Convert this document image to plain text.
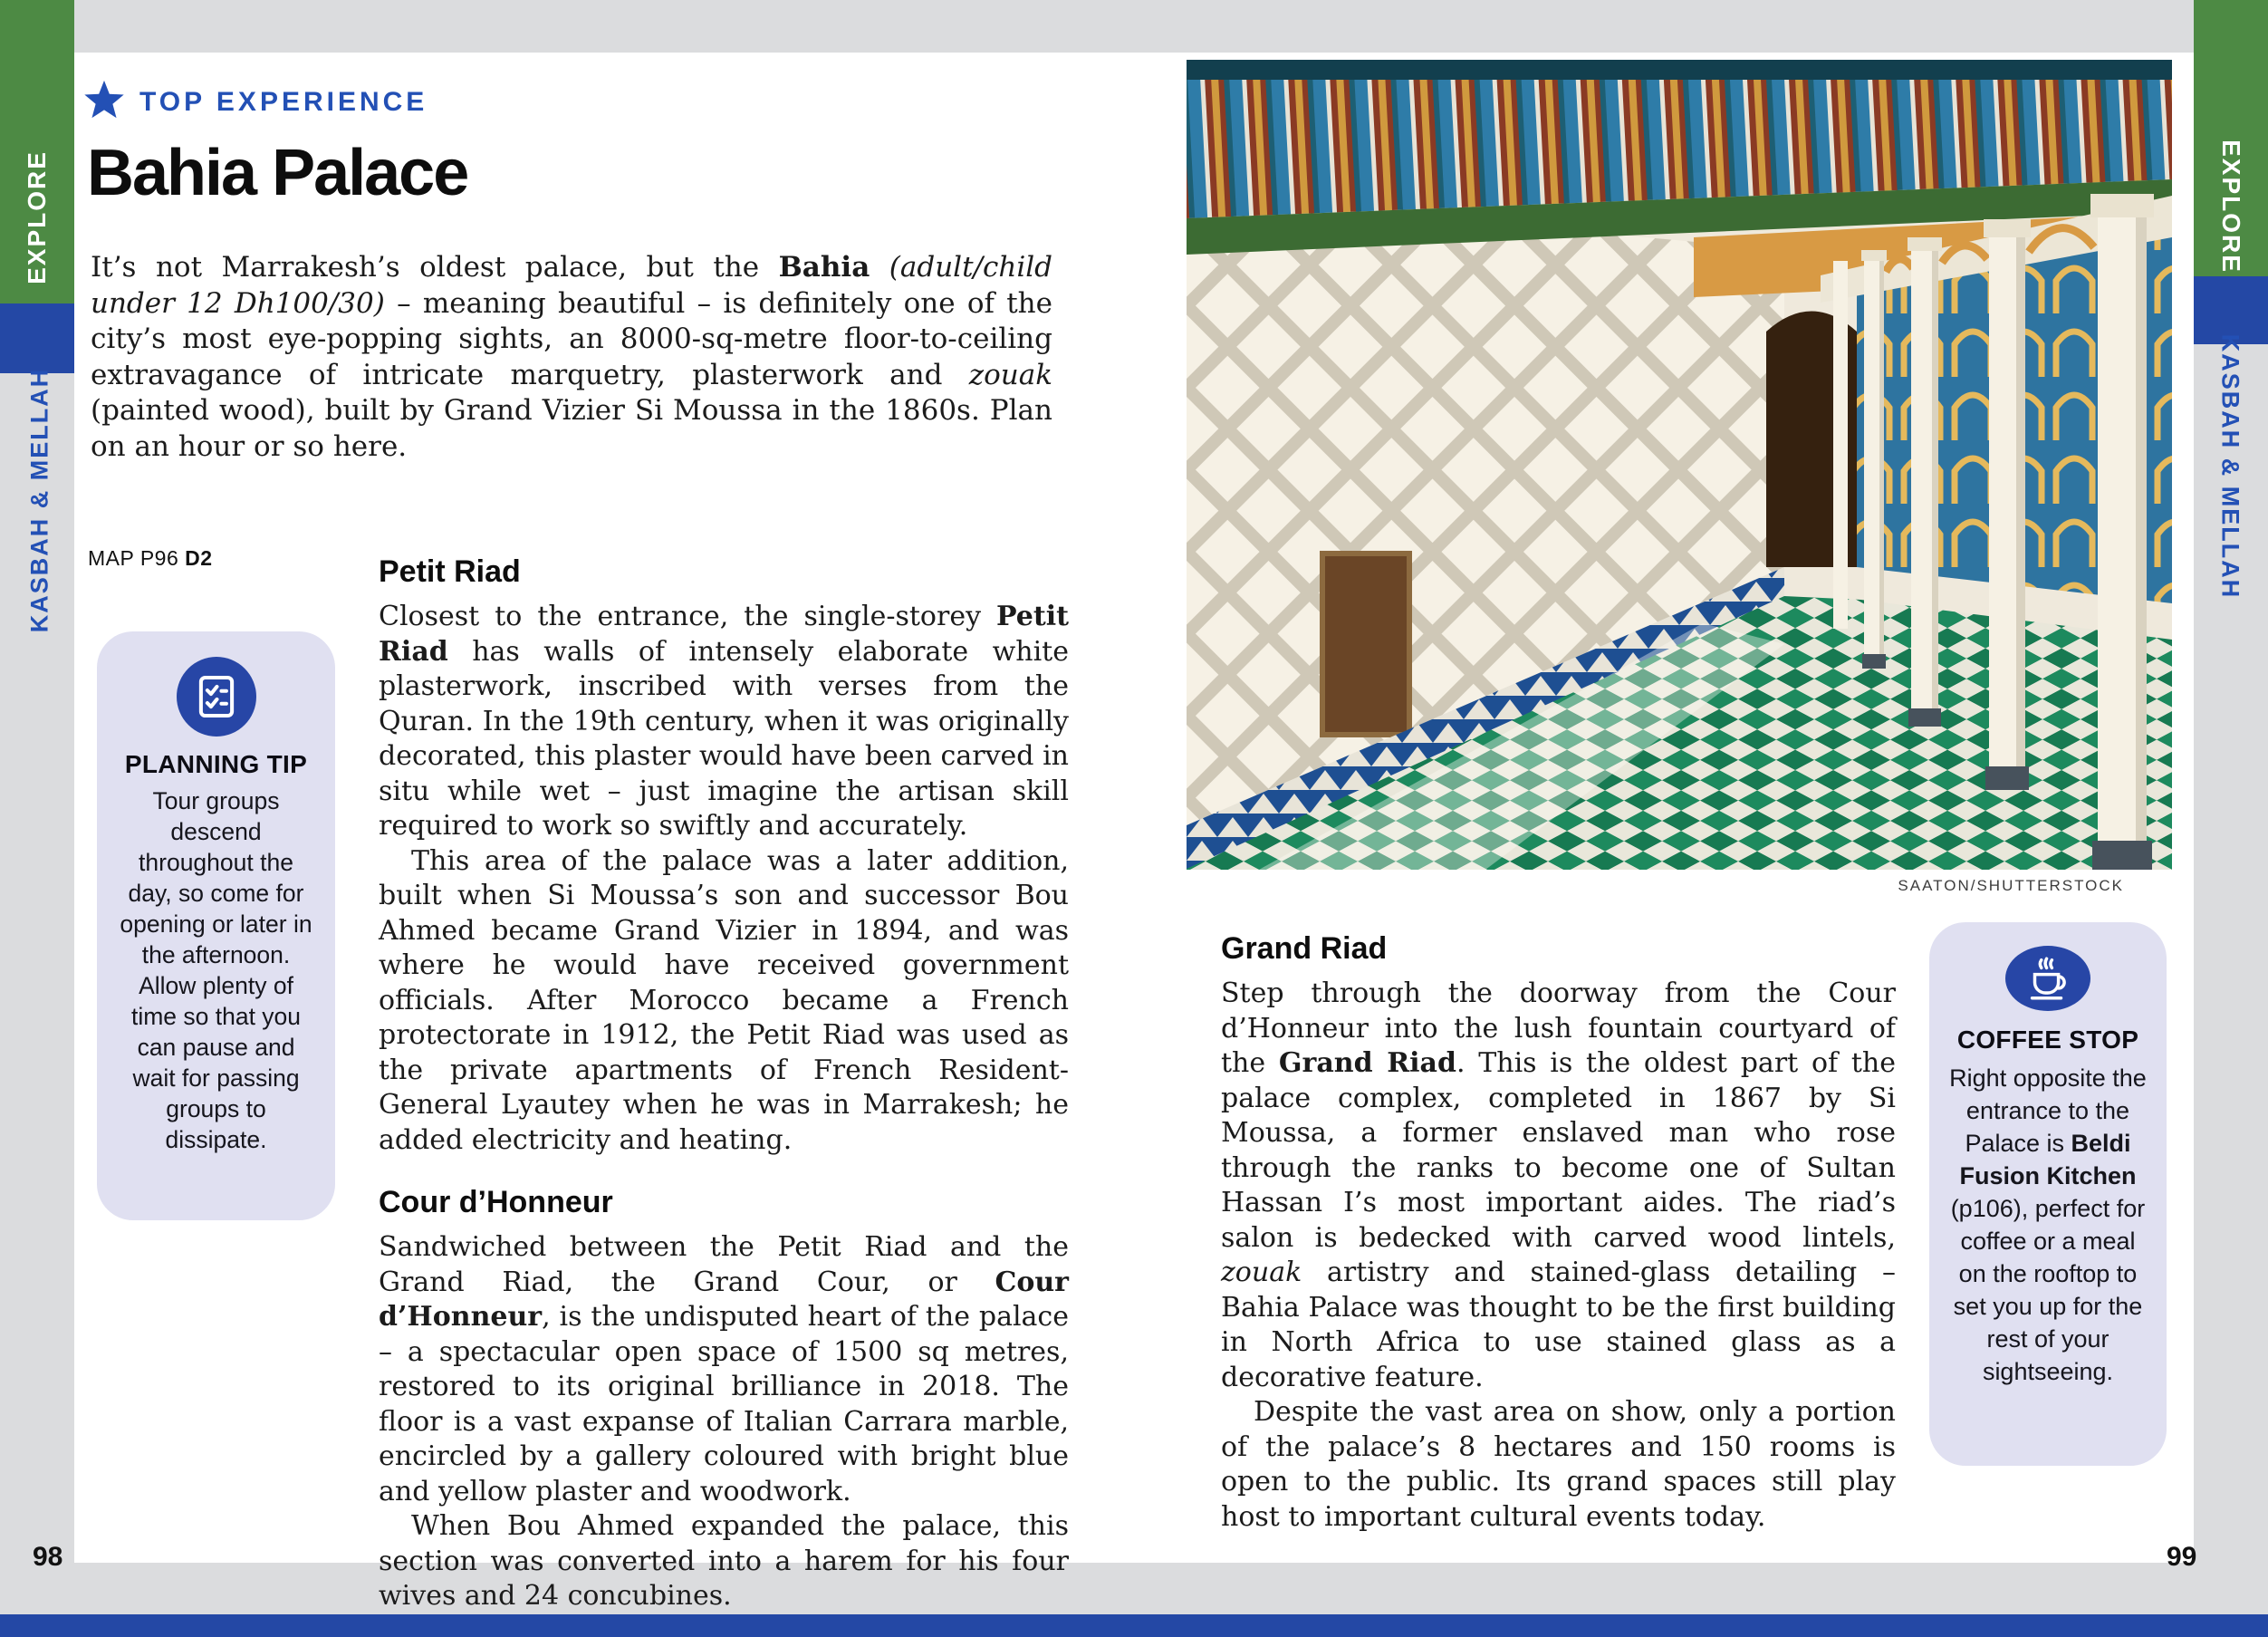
EXPLORE
KASBAH & MELLAH
EXPLORE
KASBAH & MELLAH
TOP EXPERIENCE
Bahia Palace
It’s not Marrakesh’s oldest palace, but the Bahia (adult/child under 12 Dh100/30) – meaning beautiful – is definitely one of the city’s most eye-popping sights, an 8000-sq-metre floor-to-ceiling extravagance of intricate marquetry, plasterwork and zouak (painted wood), built by Grand Vizier Si Moussa in the 1860s. Plan on an hour or so here.
MAP P96 D2
PLANNING TIP
Tour groups descend throughout the day, so come for opening or later in the afternoon. Allow plenty of time so that you can pause and wait for passing groups to dissipate.
Petit Riad

Closest to the entrance, the single-storey Petit Riad has walls of intensely elaborate white plasterwork, inscribed with verses from the Quran. In the 19th century, when it was originally decorated, this plaster would have been carved in situ while wet – just imagine the artisan skill required to work so swiftly and accurately.

This area of the palace was a later addition, built when Si Moussa’s son and successor Bou Ahmed became Grand Vizier in 1894, and was where he would have received government officials. After Morocco became a French protectorate in 1912, the Petit Riad was used as the private apartments of French Resident-General Lyautey when he was in Marrakesh; he added electricity and heating.

Cour d’Honneur

Sandwiched between the Petit Riad and the Grand Riad, the Grand Cour, or Cour d’Honneur, is the undisputed heart of the palace – a spectacular open space of 1500 sq metres, restored to its original brilliance in 2018. The floor is a vast expanse of Italian Carrara marble, encircled by a gallery coloured with bright blue and yellow plaster and woodwork.

When Bou Ahmed expanded the palace, this section was converted into a harem for his four wives and 24 concubines.

SAATON/SHUTTERSTOCK
Grand Riad

Step through the doorway from the Cour d’Honneur into the lush fountain courtyard of the Grand Riad. This is the oldest part of the palace complex, completed in 1867 by Si Moussa, a former enslaved man who rose through the ranks to become one of Sultan Hassan I’s most important aides. The riad’s salon is bedecked with carved wood lintels, zouak artistry and stained-glass detailing – Bahia Palace was thought to be the first building in North Africa to use stained glass as a decorative feature.

Despite the vast area on show, only a portion of the palace’s 8 hectares and 150 rooms is open to the public. Its grand spaces still play host to important cultural events today.

COFFEE STOP
Right opposite the entrance to the Palace is Beldi Fusion Kitchen (p106), perfect for coffee or a meal on the rooftop to set you up for the rest of your sightseeing.
98	99
